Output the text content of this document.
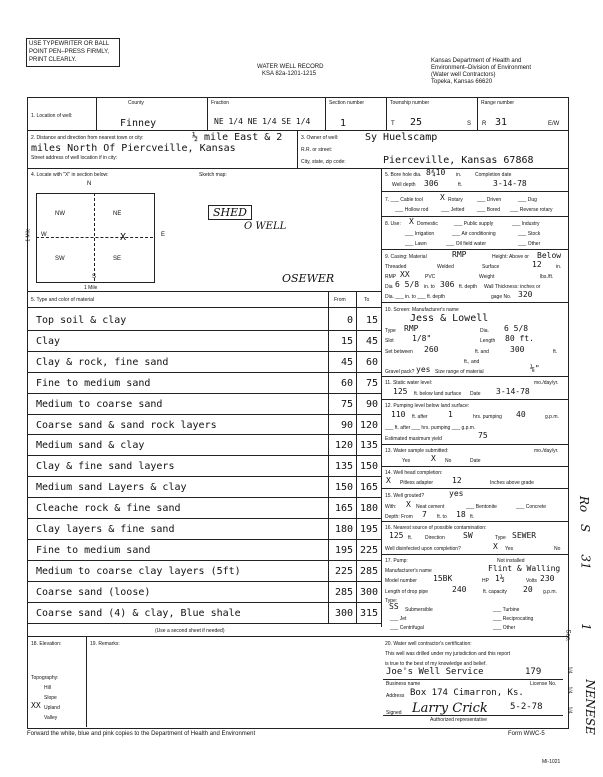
USE TYPEWRITER OR BALL
POINT PEN–PRESS FIRMLY,
PRINT CLEARLY.
WATER WELL RECORD
KSA 82a-1201-1215
Kansas Department of Health and
Environment–Division of Environment
(Water well Contractors)
Topeka, Kansas 66620
1. Location of well:
County
Finney
Fraction
NE 1/4 NE 1/4 SE 1/4
Section number
1
Township number
T 25	S
Range number
R 31	E/W
2. Distance and direction from nearest town or city:	½ mile East & 2
miles North Of Piercveille, Kansas
Street address of well location if in city:
3. Owner of well:	Sy Huelscamp
R.R. or street:
City, state, zip code:	Pierceville, Kansas 67868
4. Locate with "X" in section below:	Sketch map:
N
NW	NE
SW	SE
W	E
X
S
1 Mile
1 Mile
SHED
O WELL
OSEWER
5. Bore hole dia. 8¾10 in.	Completion date
Well depth 306	ft.	3-14-78
7. ___ Cable tool X Rotary	___ Driven	___ Dug
___ Hollow rod	___ Jetted	___ Bored ___ Reverse rotary
8. Use: X Domestic	___ Public supply	___ Industry
___ Irrigation	___ Air conditioning	___ Stock
___ Lawn	___ Oil field water	___ Other
9. Casing: Material	RMP	Height: Above or Below
Threaded	Welded	Surface	12	in.
RMP XX	PVC	Weight	lbs./ft.
Dia 6 5/8 in. to 306 ft. depth Wall Thickness: inches or
Dia. ___ in. to ___ ft. depth	gage No. 320
5. Type and color of material	From	To
Top soil & clay	0 15
Clay	15 45
Clay & rock, fine sand	45 60
Fine to medium sand	60 75
Medium to coarse sand	75 90
Coarse sand & sand rock layers	90 120
Medium sand & clay	120 135
Clay & fine sand layers	135 150
Medium sand Layers & clay	150 165
Cleache rock & fine sand	165 180
Clay layers & fine sand	180 195
Fine to medium sand	195 225
Medium to coarse clay layers (5ft)	225 285
Coarse sand (loose)	285 300
Coarse sand (4) & clay, Blue shale	300 315
(Use a second sheet if needed)
10. Screen: Manufacturer's name
Jess & Lowell
Type RMP	Dia. 6 5/8
Slot 1/8"	Length 80 ft.
Set between 260	ft. and	300	ft.
ft., and
Gravel pack? yes Size range of material	⅛"
11. Static water level:	mo./day/yr.
125 ft. below land surface Date 3-14-78
12. Pumping level below land surface:
110 ft. after	1	hrs. pumping 40	g.p.m.
___ ft. after ___ hrs. pumping ___ g.p.m.
Estimated maximum yield	75
13. Water sample submitted:	mo./day/yr.
Yes	X No	Date
14. Well head completion:
X Pitless adapter 12	Inches above grade
15. Well grouted?	yes
With: X Neat cement	___ Bentonite	___ Concrete
Depth: From 7 ft. to 18 ft.
16. Nearest source of possible contamination:
125 ft.	Direction SW	Type SEWER
Well disinfected upon completion?	X Yes	No
17. Pump:	Not installed
Manufacturer's name	Flint & Walling
Model number 15BK	HP 1½	Volts 230
Length of drop pipe	240	ft. capacity 20 g.p.m.
Type:
SS Submersible	___ Turbine
___ Jet	___ Reciprocating
___ Centrifugal	___ Other
18. Elevation:
Topography:
Hill
Slope
XX Upland
Valley
19. Remarks:	20. Water well contractor's certification:
This well was drilled under my jurisdiction and this report
is true to the best of my knowledge and belief.
Joe's Well Service	179
Business name	License No.
Address Box 174 Cimarron, Ks.
Signed Larry Crick 5-2-78
Authorized representative
Forward the white, blue and pink copies to the Department of Health and Environment	Form WWC-5
MI-1021
Ro
S
31
1
Sec.
NENESE
1/4
1/4
1/4
